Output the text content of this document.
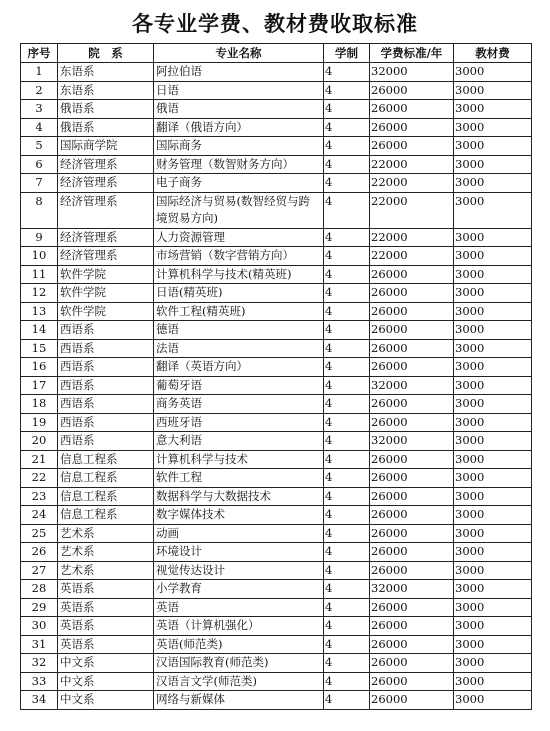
各专业学费、教材费收取标准
序号	院　系	专业名称	学制	学费标准/年	教材费
1	东语系	阿拉伯语	4	32000	3000
2	东语系	日语	4	26000	3000
3	俄语系	俄语	4	26000	3000
4	俄语系	翻译（俄语方向）	4	26000	3000
5	国际商学院	国际商务	4	26000	3000
6	经济管理系	财务管理（数智财务方向）	4	22000	3000
7	经济管理系	电子商务	4	22000	3000
8	经济管理系	国际经济与贸易(数智经贸与跨境贸易方向)	4	22000	3000
9	经济管理系	人力资源管理	4	22000	3000
10	经济管理系	市场营销（数字营销方向）	4	22000	3000
11	软件学院	计算机科学与技术(精英班)	4	26000	3000
12	软件学院	日语(精英班)	4	26000	3000
13	软件学院	软件工程(精英班)	4	26000	3000
14	西语系	德语	4	26000	3000
15	西语系	法语	4	26000	3000
16	西语系	翻译（英语方向）	4	26000	3000
17	西语系	葡萄牙语	4	32000	3000
18	西语系	商务英语	4	26000	3000
19	西语系	西班牙语	4	26000	3000
20	西语系	意大利语	4	32000	3000
21	信息工程系	计算机科学与技术	4	26000	3000
22	信息工程系	软件工程	4	26000	3000
23	信息工程系	数据科学与大数据技术	4	26000	3000
24	信息工程系	数字媒体技术	4	26000	3000
25	艺术系	动画	4	26000	3000
26	艺术系	环境设计	4	26000	3000
27	艺术系	视觉传达设计	4	26000	3000
28	英语系	小学教育	4	32000	3000
29	英语系	英语	4	26000	3000
30	英语系	英语（计算机强化）	4	26000	3000
31	英语系	英语(师范类)	4	26000	3000
32	中文系	汉语国际教育(师范类)	4	26000	3000
33	中文系	汉语言文学(师范类)	4	26000	3000
34	中文系	网络与新媒体	4	26000	3000
